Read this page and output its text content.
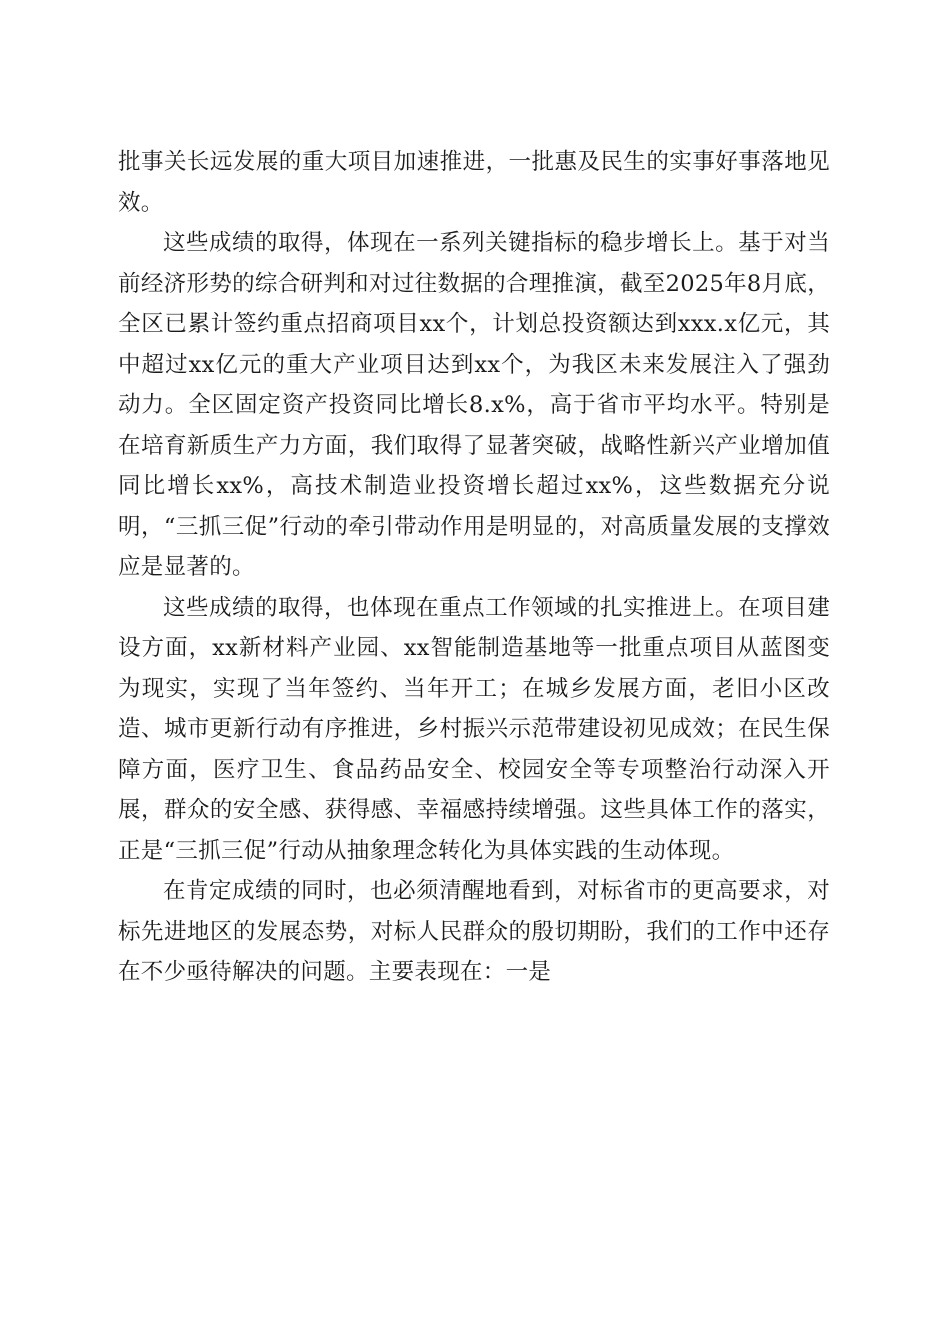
批事关长远发展的重大项目加速推进，一批惠及民生的实事好事落地见效。

这些成绩的取得，体现在一系列关键指标的稳步增长上。基于对当前经济形势的综合研判和对过往数据的合理推演，截至2025年8月底，全区已累计签约重点招商项目xx个，计划总投资额达到xxx.x亿元，其中超过xx亿元的重大产业项目达到xx个，为我区未来发展注入了强劲动力。全区固定资产投资同比增长8.x%，高于省市平均水平。特别是在培育新质生产力方面，我们取得了显著突破，战略性新兴产业增加值同比增长xx%，高技术制造业投资增长超过xx%，这些数据充分说明，“三抓三促”行动的牵引带动作用是明显的，对高质量发展的支撑效应是显著的。

这些成绩的取得，也体现在重点工作领域的扎实推进上。在项目建设方面，xx新材料产业园、xx智能制造基地等一批重点项目从蓝图变为现实，实现了当年签约、当年开工；在城乡发展方面，老旧小区改造、城市更新行动有序推进，乡村振兴示范带建设初见成效；在民生保障方面，医疗卫生、食品药品安全、校园安全等专项整治行动深入开展，群众的安全感、获得感、幸福感持续增强。这些具体工作的落实，正是“三抓三促”行动从抽象理念转化为具体实践的生动体现。

在肯定成绩的同时，也必须清醒地看到，对标省市的更高要求，对标先进地区的发展态势，对标人民群众的殷切期盼，我们的工作中还存在不少亟待解决的问题。主要表现在：一是
